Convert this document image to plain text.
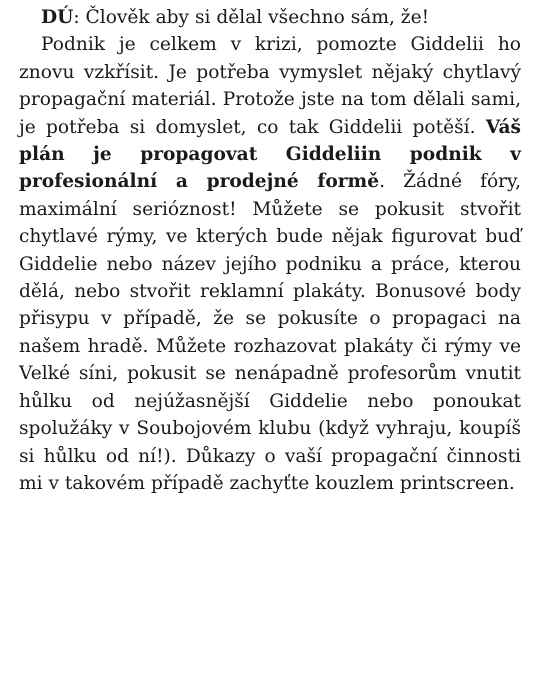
DÚ: Člověk aby si dělal všechno sám, že!

Podnik je celkem v krizi, pomozte Giddelii ho znovu vzkřísit. Je potřeba vymyslet nějaký chytlavý propagační materiál. Protože jste na tom dělali sami, je potřeba si domyslet, co tak Giddelii potěší. Váš plán je propagovat Giddeliin podnik v profesionální a prodejné formě. Žádné fóry, maximální serióznost! Můžete se pokusit stvořit chytlavé rýmy, ve kterých bude nějak figurovat buď Giddelie nebo název jejího podniku a práce, kterou dělá, nebo stvořit reklamní plakáty. Bonusové body přisypu v případě, že se pokusíte o propagaci na našem hradě. Můžete rozhazovat plakáty či rýmy ve Velké síni, pokusit se nenápadně profesorům vnutit hůlku od nejúžasnější Giddelie nebo ponoukat spolužáky v Soubojovém klubu (když vyhraju, koupíš si hůlku od ní!). Důkazy o vaší propagační činnosti mi v takovém případě zachyťte kouzlem printscreen.
